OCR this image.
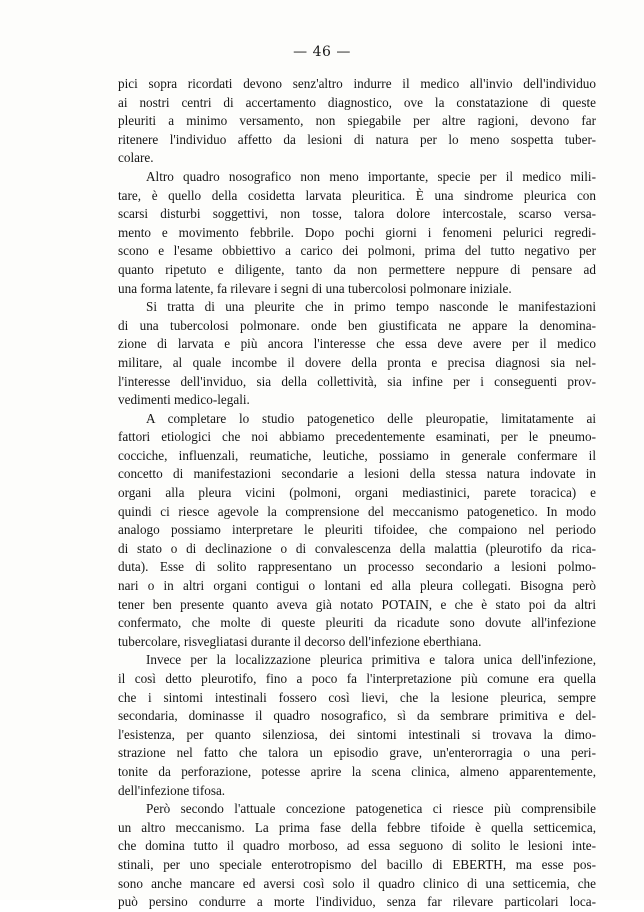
— 46 —
pici sopra ricordati devono senz'altro indurre il medico all'invio dell'individuo
ai nostri centri di accertamento diagnostico, ove la constatazione di queste
pleuriti a minimo versamento, non spiegabile per altre ragioni, devono far
ritenere l'individuo affetto da lesioni di natura per lo meno sospetta tuber-
colare.
Altro quadro nosografico non meno importante, specie per il medico mili-
tare, è quello della cosidetta larvata pleuritica. È una sindrome pleurica con
scarsi disturbi soggettivi, non tosse, talora dolore intercostale, scarso versa-
mento e movimento febbrile. Dopo pochi giorni i fenomeni pelurici regredi-
scono e l'esame obbiettivo a carico dei polmoni, prima del tutto negativo per
quanto ripetuto e diligente, tanto da non permettere neppure di pensare ad
una forma latente, fa rilevare i segni di una tubercolosi polmonare iniziale.
Si tratta di una pleurite che in primo tempo nasconde le manifestazioni
di una tubercolosi polmonare. onde ben giustificata ne appare la denomina-
zione di larvata e più ancora l'interesse che essa deve avere per il medico
militare, al quale incombe il dovere della pronta e precisa diagnosi sia nel-
l'interesse dell'inviduo, sia della collettività, sia infine per i conseguenti prov-
vedimenti medico-legali.
A completare lo studio patogenetico delle pleuropatie, limitatamente ai
fattori etiologici che noi abbiamo precedentemente esaminati, per le pneumo-
cocciche, influenzali, reumatiche, leutiche, possiamo in generale confermare il
concetto di manifestazioni secondarie a lesioni della stessa natura indovate in
organi alla pleura vicini (polmoni, organi mediastinici, parete toracica) e
quindi ci riesce agevole la comprensione del meccanismo patogenetico. In modo
analogo possiamo interpretare le pleuriti tifoidee, che compaiono nel periodo
di stato o di declinazione o di convalescenza della malattia (pleurotifo da rica-
duta). Esse di solito rappresentano un processo secondario a lesioni polmo-
nari o in altri organi contigui o lontani ed alla pleura collegati. Bisogna però
tener ben presente quanto aveva già notato POTAIN, e che è stato poi da altri
confermato, che molte di queste pleuriti da ricadute sono dovute all'infezione
tubercolare, risvegliatasi durante il decorso dell'infezione eberthiana.
Invece per la localizzazione pleurica primitiva e talora unica dell'infezione,
il così detto pleurotifo, fino a poco fa l'interpretazione più comune era quella
che i sintomi intestinali fossero così lievi, che la lesione pleurica, sempre
secondaria, dominasse il quadro nosografico, sì da sembrare primitiva e del-
l'esistenza, per quanto silenziosa, dei sintomi intestinali si trovava la dimo-
strazione nel fatto che talora un episodio grave, un'enterorragia o una peri-
tonite da perforazione, potesse aprire la scena clinica, almeno apparentemente,
dell'infezione tifosa.
Però secondo l'attuale concezione patogenetica ci riesce più comprensibile
un altro meccanismo. La prima fase della febbre tifoide è quella setticemica,
che domina tutto il quadro morboso, ad essa seguono di solito le lesioni inte-
stinali, per uno speciale enterotropismo del bacillo di EBERTH, ma esse pos-
sono anche mancare ed aversi così solo il quadro clinico di una setticemia, che
può persino condurre a morte l'individuo, senza far rilevare particolari loca-
